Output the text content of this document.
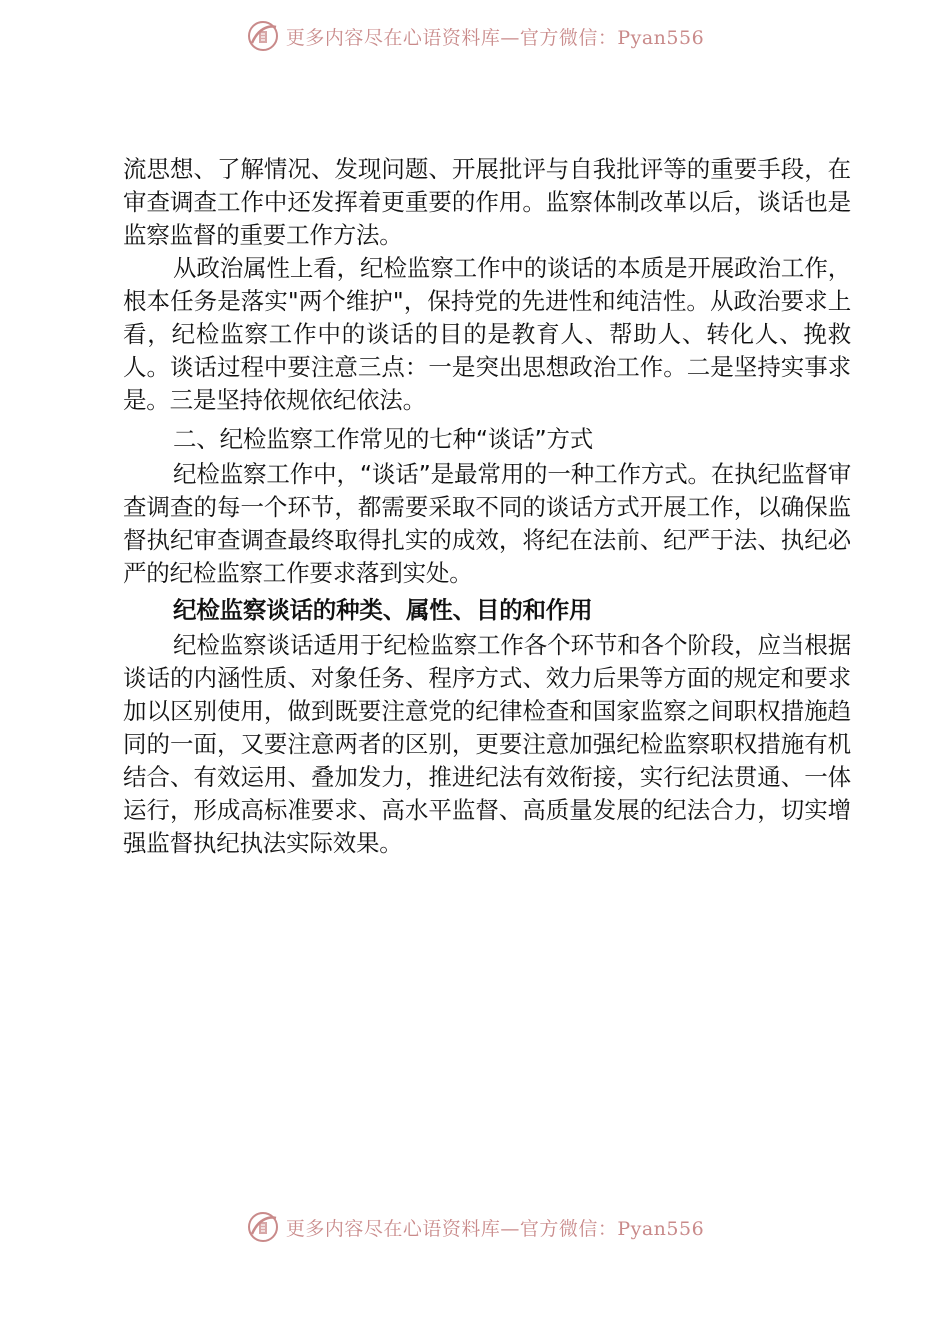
更多内容尽在心语资料库—官方微信：Pyan556

流思想、了解情况、发现问题、开展批评与自我批评等的重要手段，在审查调查工作中还发挥着更重要的作用。监察体制改革以后，谈话也是监察监督的重要工作方法。

从政治属性上看，纪检监察工作中的谈话的本质是开展政治工作，根本任务是落实"两个维护"，保持党的先进性和纯洁性。从政治要求上看，纪检监察工作中的谈话的目的是教育人、帮助人、转化人、挽救人。谈话过程中要注意三点：一是突出思想政治工作。二是坚持实事求是。三是坚持依规依纪依法。

二、纪检监察工作常见的七种“谈话”方式

纪检监察工作中，“谈话”是最常用的一种工作方式。在执纪监督审查调查的每一个环节，都需要采取不同的谈话方式开展工作，以确保监督执纪审查调查最终取得扎实的成效，将纪在法前、纪严于法、执纪必严的纪检监察工作要求落到实处。

纪检监察谈话的种类、属性、目的和作用

纪检监察谈话适用于纪检监察工作各个环节和各个阶段，应当根据谈话的内涵性质、对象任务、程序方式、效力后果等方面的规定和要求加以区别使用，做到既要注意党的纪律检查和国家监察之间职权措施趋同的一面，又要注意两者的区别，更要注意加强纪检监察职权措施有机结合、有效运用、叠加发力，推进纪法有效衔接，实行纪法贯通、一体运行，形成高标准要求、高水平监督、高质量发展的纪法合力，切实增强监督执纪执法实际效果。

更多内容尽在心语资料库—官方微信：Pyan556
